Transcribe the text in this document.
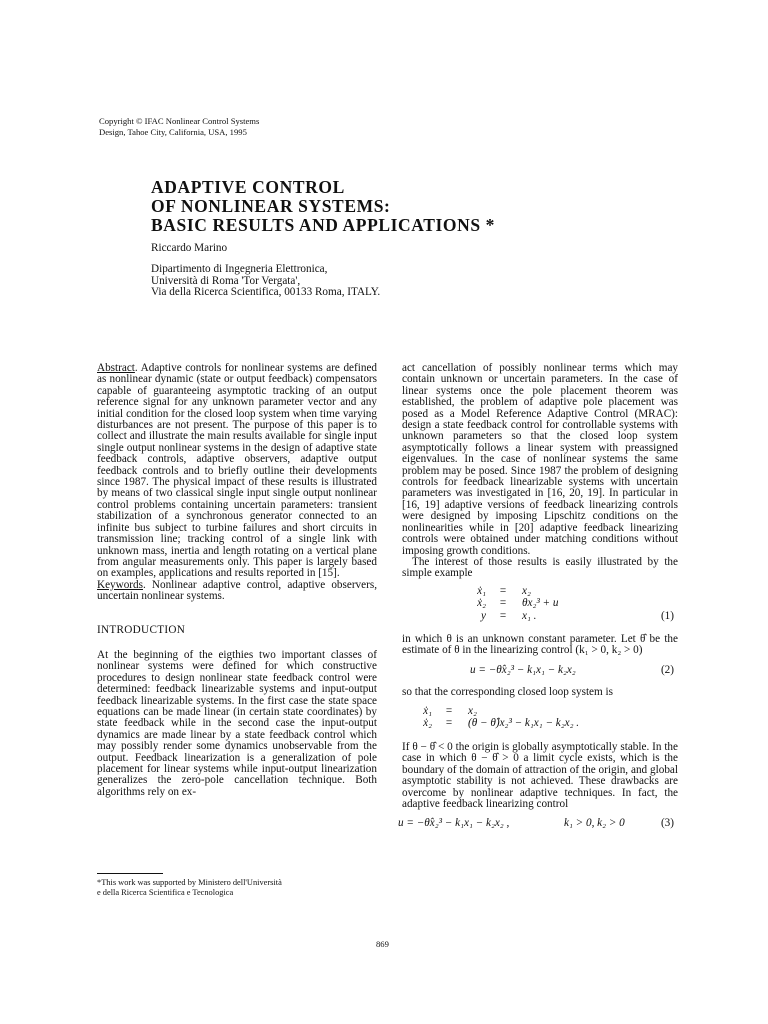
Copyright © IFAC Nonlinear Control Systems
Design, Tahoe City, California, USA, 1995
ADAPTIVE CONTROL
OF NONLINEAR SYSTEMS:
BASIC RESULTS AND APPLICATIONS *
Riccardo Marino
Dipartimento di Ingegneria Elettronica,
Università di Roma 'Tor Vergata',
Via della Ricerca Scientifica, 00133 Roma, ITALY.

Abstract. Adaptive controls for nonlinear systems are defined as nonlinear dynamic (state or output feedback) compensators capable of guaranteeing asymptotic tracking of an output reference signal for any unknown parameter vector and any initial condition for the closed loop system when time varying disturbances are not present. The purpose of this paper is to collect and illustrate the main results available for single input single output nonlinear systems in the design of adaptive state feedback controls, adaptive observers, adaptive output feedback controls and to briefly outline their developments since 1987. The physical impact of these results is illustrated by means of two classical single input single output nonlinear control problems containing uncertain parameters: transient stabilization of a synchronous generator connected to an infinite bus subject to turbine failures and short circuits in transmission line; tracking control of a single link with unknown mass, inertia and length rotating on a vertical plane from angular measurements only. This paper is largely based on examples, applications and results reported in [15].

Keywords. Nonlinear adaptive control, adaptive observers, uncertain nonlinear systems.

INTRODUCTION

At the beginning of the eigthies two important classes of nonlinear systems were defined for which constructive procedures to design nonlinear state feedback control were determined: feedback linearizable systems and input-output feedback linearizable systems. In the first case the state space equations can be made linear (in certain state coordinates) by state feedback while in the second case the input-output dynamics are made linear by a state feedback control which may possibly render some dynamics unobservable from the output. Feedback linearization is a generalization of pole placement for linear systems while input-output linearization generalizes the zero-pole cancellation technique. Both algorithms rely on ex-

*This work was supported by Ministero dell'Università
e della Ricerca Scientifica e Tecnologica

act cancellation of possibly nonlinear terms which may contain unknown or uncertain parameters. In the case of linear systems once the pole placement theorem was established, the problem of adaptive pole placement was posed as a Model Reference Adaptive Control (MRAC): design a state feedback control for controllable systems with unknown parameters so that the closed loop system asymptotically follows a linear system with preassigned eigenvalues. In the case of nonlinear systems the same problem may be posed. Since 1987 the problem of designing controls for feedback linearizable systems with uncertain parameters was investigated in [16, 20, 19]. In particular in [16, 19] adaptive versions of feedback linearizing controls were designed by imposing Lipschitz conditions on the nonlinearities while in [20] adaptive feedback linearizing controls were obtained under matching conditions without imposing growth conditions.

The interest of those results is easily illustrated by the simple example

ẋ₁	=	x₂
ẋ₂	=	θx₂³ + u
y	=	x₁ .	(1)

in which θ is an unknown constant parameter. Let θ̂ be the estimate of θ in the linearizing control (k₁ > 0, k₂ > 0)

u = −θ̂x₂³ − k₁x₁ − k₂x₂	(2)

so that the corresponding closed loop system is

ẋ₁	=	x₂
ẋ₂	=	(θ − θ̂)x₂³ − k₁x₁ − k₂x₂ .

If θ − θ̂ < 0 the origin is globally asymptotically stable. In the case in which θ − θ̂ > 0 a limit cycle exists, which is the boundary of the domain of attraction of the origin, and global asymptotic stability is not achieved. These drawbacks are overcome by nonlinear adaptive techniques. In fact, the adaptive feedback linearizing control

u = −θ̂x₂³ − k₁x₁ − k₂x₂ ,	k₁ > 0, k₂ > 0	(3)
869
